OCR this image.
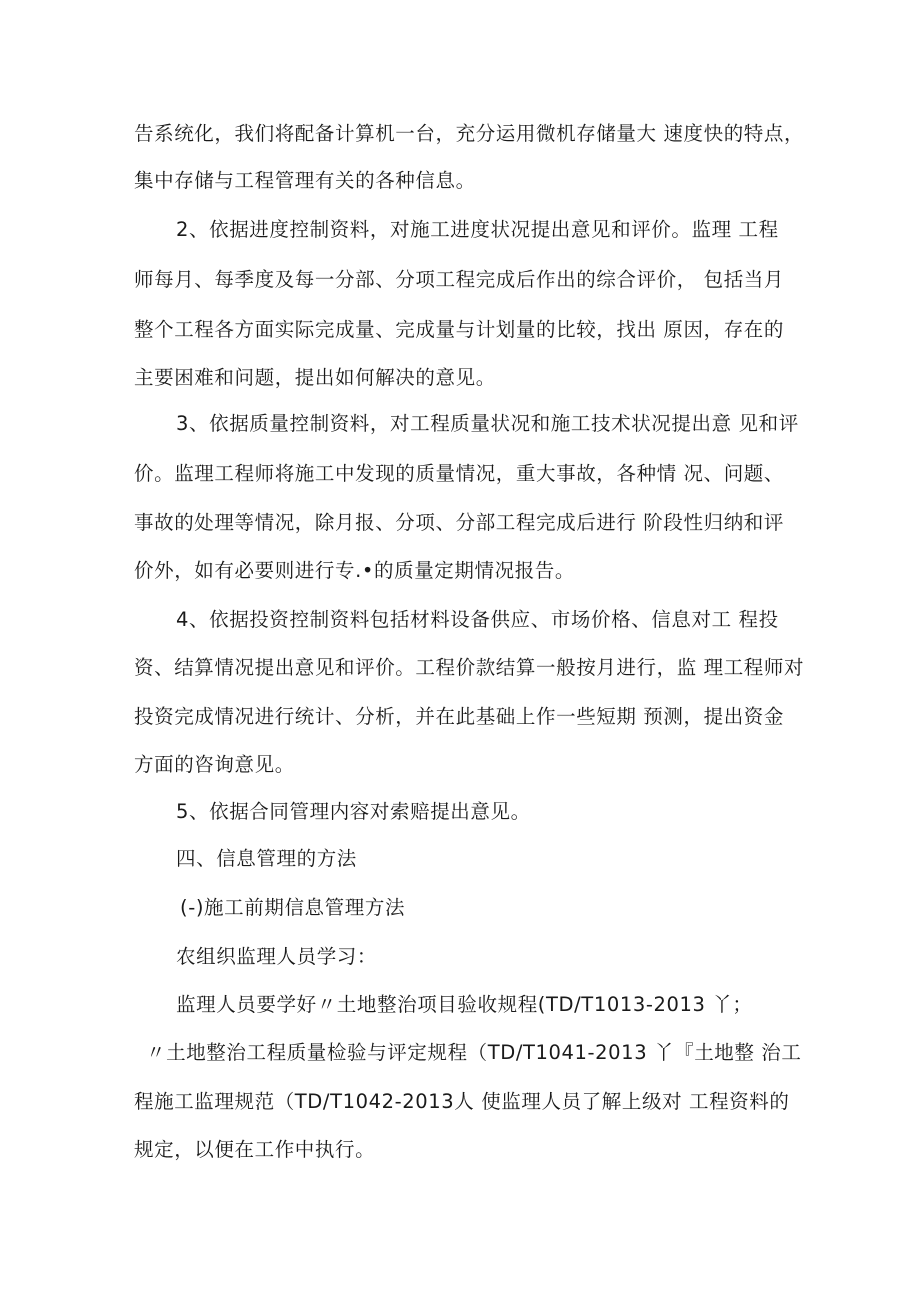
告系统化，我们将配备计算机一台，充分运用微机存储量大 速度快的特点，
集中存储与工程管理有关的各种信息。
2、依据进度控制资料，对施工进度状况提出意见和评价。监理 工程
师每月、每季度及每一分部、分项工程完成后作出的综合评价， 包括当月
整个工程各方面实际完成量、完成量与计划量的比较，找出 原因，存在的
主要困难和问题，提出如何解决的意见。
3、依据质量控制资料，对工程质量状况和施工技术状况提出意 见和评
价。监理工程师将施工中发现的质量情况，重大事故，各种情 况、问题、
事故的处理等情况，除月报、分项、分部工程完成后进行 阶段性归纳和评
价外，如有必要则进行专.•的质量定期情况报告。
4、依据投资控制资料包括材料设备供应、市场价格、信息对工 程投
资、结算情况提出意见和评价。工程价款结算一般按月进行，监 理工程师对
投资完成情况进行统计、分析，并在此基础上作一些短期 预测，提出资金
方面的咨询意见。
5、依据合同管理内容对索赔提出意见。
四、信息管理的方法
(-)施工前期信息管理方法
农组织监理人员学习：
监理人员要学好〃土地整治项目验收规程(TD/T1013-2013 丫；
〃土地整治工程质量检验与评定规程（TD/T1041-2013 丫『土地整 治工
程施工监理规范（TD/T1042-2013人 使监理人员了解上级对 工程资料的
规定，以便在工作中执行。
